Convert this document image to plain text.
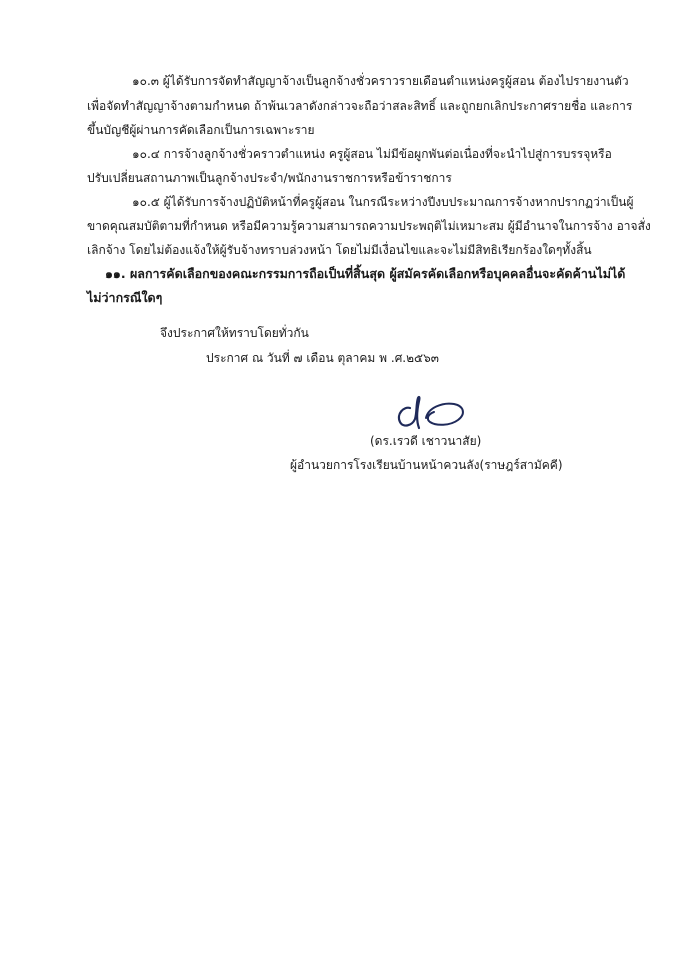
๑๐.๓ ผู้ได้รับการจัดทำสัญญาจ้างเป็นลูกจ้างชั่วคราวรายเดือนตำแหน่งครูผู้สอน ต้องไปรายงานตัว
เพื่อจัดทำสัญญาจ้างตามกำหนด ถ้าพ้นเวลาดังกล่าวจะถือว่าสละสิทธิ์ และถูกยกเลิกประกาศรายชื่อ และการ
ขึ้นบัญชีผู้ผ่านการคัดเลือกเป็นการเฉพาะราย
๑๐.๔ การจ้างลูกจ้างชั่วคราวตำแหน่ง ครูผู้สอน ไม่มีข้อผูกพันต่อเนื่องที่จะนำไปสู่การบรรจุหรือ
ปรับเปลี่ยนสถานภาพเป็นลูกจ้างประจำ/พนักงานราชการหรือข้าราชการ
๑๐.๕ ผู้ได้รับการจ้างปฏิบัติหน้าที่ครูผู้สอน ในกรณีระหว่างปีงบประมาณการจ้างหากปรากฏว่าเป็นผู้
ขาดคุณสมบัติตามที่กำหนด หรือมีความรู้ความสามารถความประพฤติไม่เหมาะสม ผู้มีอำนาจในการจ้าง อาจสั่ง
เลิกจ้าง โดยไม่ต้องแจ้งให้ผู้รับจ้างทราบล่วงหน้า โดยไม่มีเงื่อนไขและจะไม่มีสิทธิเรียกร้องใดๆทั้งสิ้น
๑๑. ผลการคัดเลือกของคณะกรรมการถือเป็นที่สิ้นสุด ผู้สมัครคัดเลือกหรือบุคคลอื่นจะคัดค้านไม่ได้
ไม่ว่ากรณีใดๆ
จึงประกาศให้ทราบโดยทั่วกัน
ประกาศ ณ วันที่ ๗ เดือน ตุลาคม พ .ศ.๒๕๖๓
(ดร.เรวดี เชาวนาสัย)
ผู้อำนวยการโรงเรียนบ้านหน้าควนลัง(ราษฎร์สามัคคี)
